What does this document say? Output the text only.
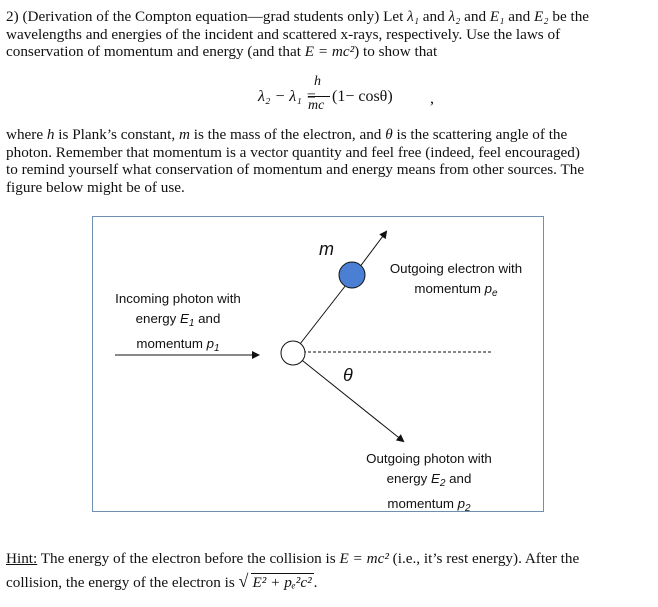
2) (Derivation of the Compton equation—grad students only) Let λ₁ and λ₂ and E₁ and E₂ be the
wavelengths and energies of the incident and scattered x-rays, respectively. Use the laws of
conservation of momentum and energy (and that E = mc²) to show that

λ₂ − λ₁ =
h
mc
(1− cosθ) ,

where h is Plank’s constant, m is the mass of the electron, and θ is the scattering angle of the
photon. Remember that momentum is a vector quantity and feel free (indeed, feel encouraged)
to remind yourself what conservation of momentum and energy means from other sources. The
figure below might be of use.

m
θ
Incoming photon with
energy $E_1$ and
momentum $p_1$
Outgoing electron with
momentum $p_e$
Outgoing photon with
energy $E_2$ and
momentum $p_2$
Hint: The energy of the electron before the collision is E = mc² (i.e., it’s rest energy). After the
collision, the energy of the electron is √ E² + pₑ²c² .
